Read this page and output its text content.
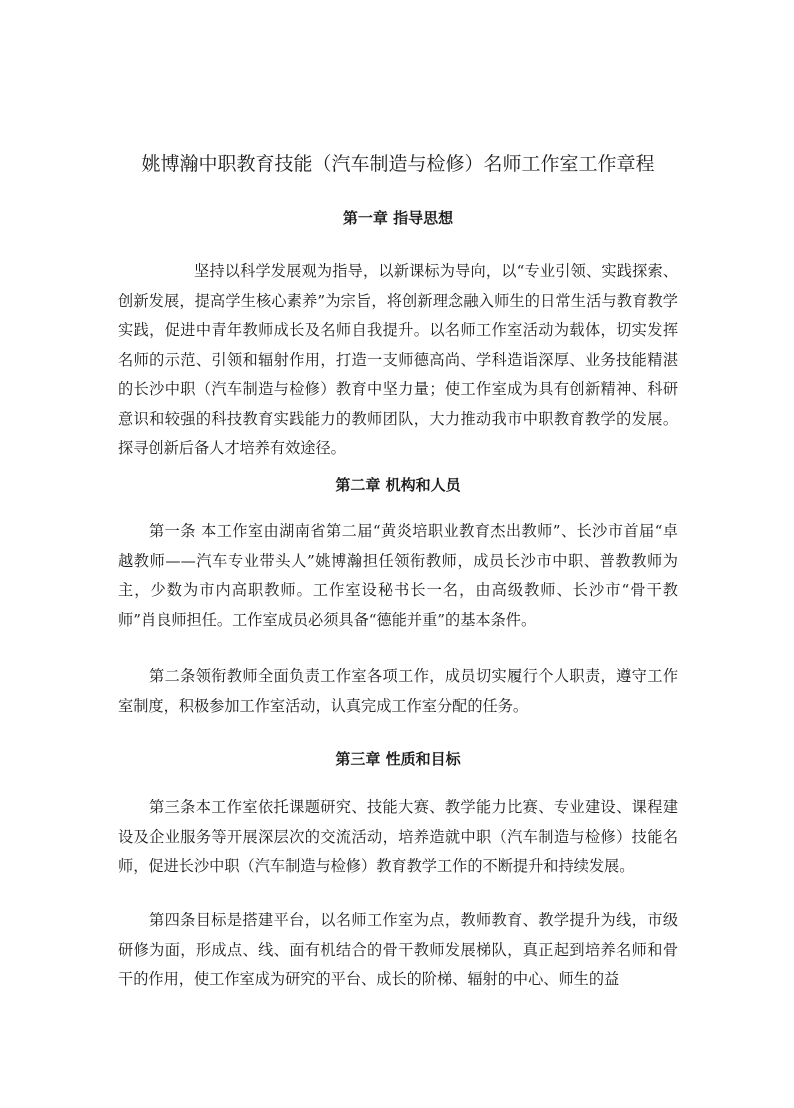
姚博瀚中职教育技能（汽车制造与检修）名师工作室工作章程
第一章 指导思想

坚持以科学发展观为指导，以新课标为导向，以“专业引领、实践探索、创新发展，提高学生核心素养”为宗旨，将创新理念融入师生的日常生活与教育教学实践，促进中青年教师成长及名师自我提升。以名师工作室活动为载体，切实发挥名师的示范、引领和辐射作用，打造一支师德高尚、学科造诣深厚、业务技能精湛的长沙中职（汽车制造与检修）教育中坚力量；使工作室成为具有创新精神、科研意识和较强的科技教育实践能力的教师团队，大力推动我市中职教育教学的发展。探寻创新后备人才培养有效途径。

第二章 机构和人员

第一条 本工作室由湖南省第二届“黄炎培职业教育杰出教师”、长沙市首届“卓越教师——汽车专业带头人”姚博瀚担任领衔教师，成员长沙市中职、普教教师为主，少数为市内高职教师。工作室设秘书长一名，由高级教师、长沙市“骨干教师”肖良师担任。工作室成员必须具备“德能并重”的基本条件。

第二条领衔教师全面负责工作室各项工作，成员切实履行个人职责，遵守工作室制度，积极参加工作室活动，认真完成工作室分配的任务。

第三章 性质和目标

第三条本工作室依托课题研究、技能大赛、教学能力比赛、专业建设、课程建设及企业服务等开展深层次的交流活动，培养造就中职（汽车制造与检修）技能名师，促进长沙中职（汽车制造与检修）教育教学工作的不断提升和持续发展。

第四条目标是搭建平台，以名师工作室为点，教师教育、教学提升为线，市级研修为面，形成点、线、面有机结合的骨干教师发展梯队，真正起到培养名师和骨干的作用，使工作室成为研究的平台、成长的阶梯、辐射的中心、师生的益
